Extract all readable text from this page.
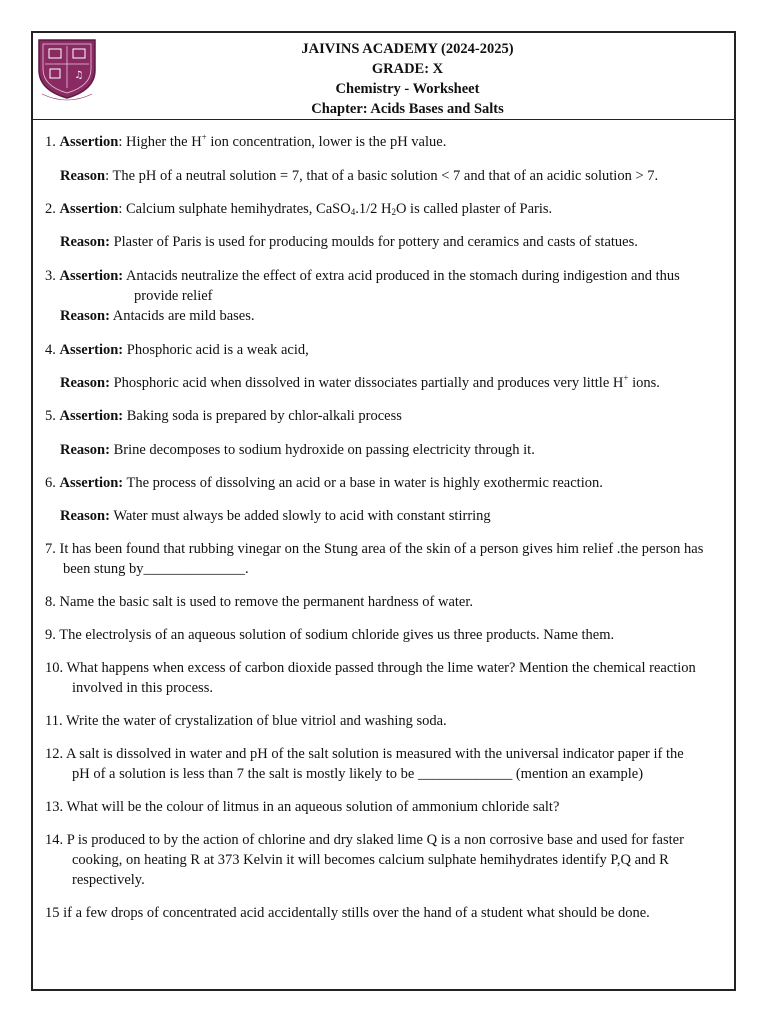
♫
JAIVINS ACADEMY (2024-2025)
GRADE: X
Chemistry - Worksheet
Chapter: Acids Bases and Salts

1. Assertion: Higher the H+ ion concentration, lower is the pH value.

Reason: The pH of a neutral solution = 7, that of a basic solution < 7 and that of an acidic solution > 7.

2. Assertion: Calcium sulphate hemihydrates, CaSO$_4$.1/2 $H_2O$ is called plaster of Paris.

Reason: Plaster of Paris is used for producing moulds for pottery and ceramics and casts of statues.

3. Assertion: Antacids neutralize the effect of extra acid produced in the stomach during indigestion and thus

provide relief

Reason: Antacids are mild bases.

4. Assertion: Phosphoric acid is a weak acid,

Reason: Phosphoric acid when dissolved in water dissociates partially and produces very little H+ ions.

5. Assertion: Baking soda is prepared by chlor-alkali process

Reason: Brine decomposes to sodium hydroxide on passing electricity through it.

6. Assertion: The process of dissolving an acid or a base in water is highly exothermic reaction.

Reason: Water must always be added slowly to acid with constant stirring

7. It has been found that rubbing vinegar on the Stung area of the skin of a person gives him relief .the person has

been stung by______________.

8. Name the basic salt is used to remove the permanent hardness of water.

9. The electrolysis of an aqueous solution of sodium chloride gives us three products. Name them.

10. What happens when excess of carbon dioxide passed through the lime water? Mention the chemical reaction

involved in this process.

11. Write the water of crystalization of blue vitriol and washing soda.

12. A salt is dissolved in water and pH of the salt solution is measured with the universal indicator paper if the

pH of a solution is less than 7 the salt is mostly likely to be _____________ (mention an example)

13. What will be the colour of litmus in an aqueous solution of ammonium chloride salt?

14. P is produced to by the action of chlorine and dry slaked lime Q is a non corrosive base and used for faster

cooking, on heating R at 373 Kelvin it will becomes calcium sulphate hemihydrates identify P,Q and R

respectively.

15 if a few drops of concentrated acid accidentally stills over the hand of a student what should be done.
